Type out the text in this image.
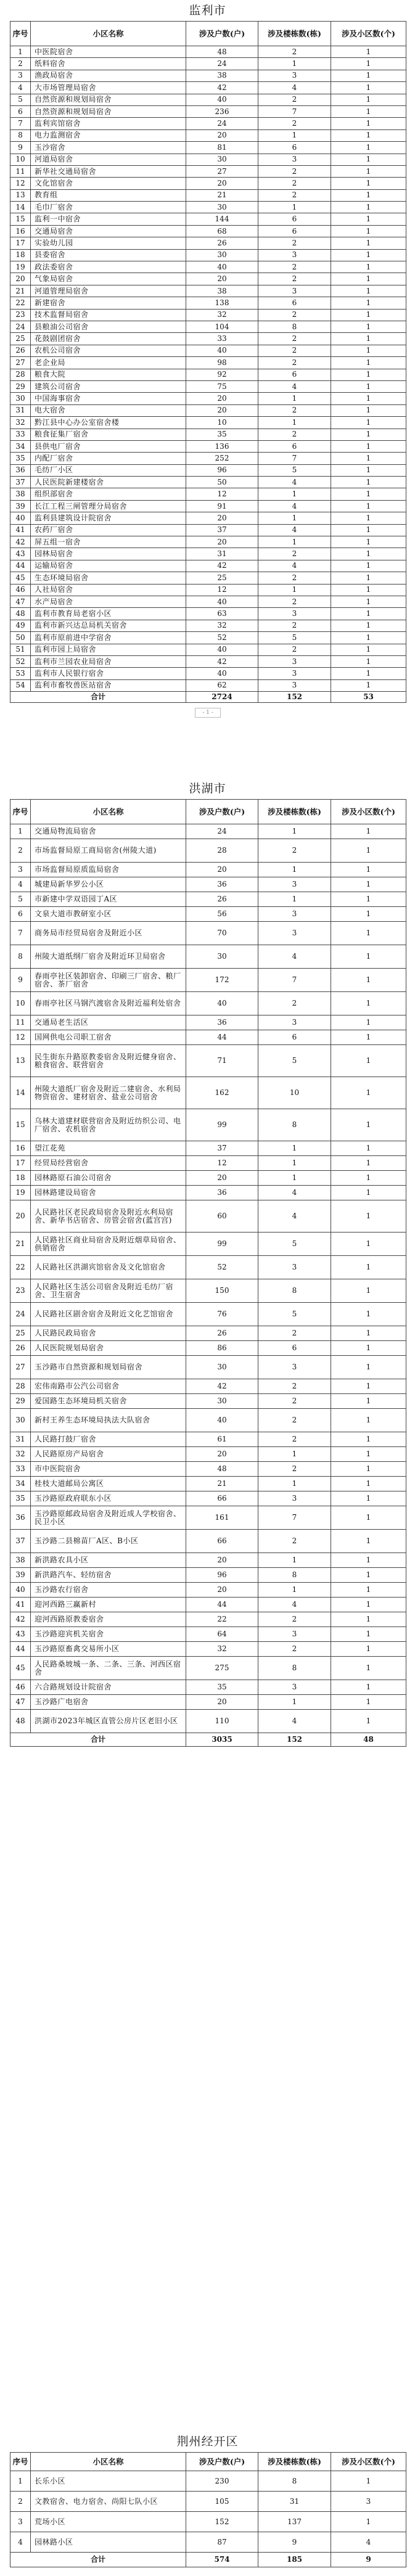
监利市
序号	小区名称	涉及户数(户)	涉及楼栋数(栋)	涉及小区数(个)
1	中医院宿舍	48	2	1
2	纸料宿舍	24	1	1
3	渔政局宿舍	38	3	1
4	大市场管理局宿舍	42	4	1
5	自然资源和规划局宿舍	40	2	1
6	自然资源和规划局宿舍	236	7	1
7	监利宾馆宿舍	24	2	1
8	电力监测宿舍	20	1	1
9	玉沙宿舍	81	6	1
10	河道局宿舍	30	3	1
11	新华社交通局宿舍	27	2	1
12	文化馆宿舍	20	2	1
13	教育组	21	2	1
14	毛巾厂宿舍	30	1	1
15	监利一中宿舍	144	6	1
16	交通局宿舍	68	6	1
17	实验幼儿园	26	2	1
18	县委宿舍	30	3	1
19	政法委宿舍	40	2	1
20	气象局宿舍	20	2	1
21	河道管理局宿舍	38	3	1
22	新建宿舍	138	6	1
23	技术监督局宿舍	32	2	1
24	县粮油公司宿舍	104	8	1
25	花鼓剧团宿舍	33	2	1
26	农机公司宿舍	40	2	1
27	老企业局	98	2	1
28	粮食大院	92	6	1
29	建筑公司宿舍	75	4	1
30	中国海事宿舍	20	1	1
31	电大宿舍	20	2	1
32	黔江县中心办公室宿舍楼	10	1	1
33	粮食征集厂宿舍	35	2	1
34	县供电厂宿舍	136	6	1
35	内配厂宿舍	252	7	1
36	毛纺厂小区	96	5	1
37	人民医院新建楼宿舍	50	4	1
38	组织部宿舍	12	1	1
39	长江工程三闸管理分局宿舍	91	4	1
40	监利县建筑设计院宿舍	20	1	1
41	农药厂宿舍	37	4	1
42	屏五组一宿舍	20	1	1
43	园林局宿舍	31	2	1
44	运输局宿舍	42	4	1
45	生态环境局宿舍	25	2	1
46	人社局宿舍	12	1	1
47	水产局宿舍	40	2	1
48	监利市教育局老宿小区	63	3	1
49	监利市新兴达总局机关宿舍	32	2	1
50	监利市原前进中学宿舍	52	5	1
51	监利市园上局宿舍	40	2	1
52	监利市兰园农业局宿舍	42	3	1
53	监利市人民银行宿舍	40	3	1
54	监利市畜牧兽医站宿舍	62	3	1
合计		2724	152	53
- 1 -
洪湖市
序号	小区名称	涉及户数(户)	涉及楼栋数(栋)	涉及小区数(个)
1	交通局物流局宿舍	24	1	1
2	市场监督局原工商局宿舍(州陵大道)	28	2	1
3	市场监督局原质监局宿舍	20	1	1
4	城建局新华罗公小区	36	3	1
5	市新建中学双语园丁A区	26	1	1
6	文泉大道市教研室小区	56	3	1
7	商务局市经贸局宿舍及附近小区	70	3	1
8	州陵大道纸纲厂宿舍及附近环卫局宿舍	30	4	1
9	春雨亭社区装卸宿舍、印刷三厂宿舍、粮厂宿舍、茶厂宿舍	172	7	1
10	春雨亭社区马钢汽渡宿舍及附近福利处宿舍	40	2	1
11	交通局老生活区	36	3	1
12	国网供电公司职工宿舍	44	6	1
13	民生街东升路原教委宿舍及附近健身宿舍、粮食宿舍、联营宿舍	71	5	1
14	州陵大道纸厂宿舍及附近二建宿舍、水利局物资宿舍、建材宿舍、盐业公司宿舍	162	10	1
15	乌林大道建材联营宿舍及附近纺织公司、电厂宿舍、农机宿舍	99	8	1
16	望江花苑	37	1	1
17	经贸局经营宿舍	12	1	1
18	园林路原石油公司宿舍	20	1	1
19	园林路建设局宿舍	36	4	1
20	人民路社区老民政局宿舍及附近水利局宿舍、新华书店宿舍、房管会宿舍(蓝宫宫)	60	4	1
21	人民路社区商业局宿舍及附近烟草局宿舍、供销宿舍	99	5	1
22	人民路社区洪湖宾馆宿舍及文化馆宿舍	52	3	1
23	人民路社区生活公司宿舍及附近毛纺厂宿舍、卫生宿舍	150	8	1
24	人民路社区剧舍宿舍及附近文化艺馆宿舍	76	5	1
25	人民路民政局宿舍	26	2	1
26	人民医院规划局宿舍	86	6	1
27	玉沙路市自然资源和规划局宿舍	30	3	1
28	宏伟南路市公汽公司宿舍	42	2	1
29	爱国路生态环境局机关宿舍	30	2	1
30	新村王养生态环境局执法大队宿舍	40	2	1
31	人民路打鼓厂宿舍	61	2	1
32	人民路原房产局宿舍	20	1	1
33	市中医院宿舍	48	2	1
34	桂枝大道邮局公寓区	21	1	1
35	玉沙路原政府联东小区	66	3	1
36	玉沙路原邮政局宿舍及附近成人学校宿舍、民卫小区	161	7	1
37	玉沙路二县棉苗厂A区、B小区	66	2	1
38	新洪路农具小区	20	1	1
39	新洪路汽车、轻纺宿舍	96	8	1
40	玉沙路农行宿舍	20	1	1
41	迎河西路三赢新村	44	4	1
42	迎河西路原教委宿舍	22	2	1
43	玉沙路迎宾机关宿舍	64	3	1
44	玉沙路原畜禽交易所小区	32	2	1
45	人民路桑坡城一条、二条、三条、河西区宿舍	275	8	1
46	六合路规划设计院宿舍	35	3	1
47	玉沙路广电宿舍	20	1	1
48	洪湖市2023年城区直管公房片区老旧小区	110	4	1
合计		3035	152	48
荆州经开区
序号	小区名称	涉及户数(户)	涉及楼栋数(栋)	涉及小区数(个)
1	长乐小区	230	8	1
2	文教宿舍、电力宿舍、尚阳七队小区	105	31	3
3	荒场小区	152	137	1
4	园林路小区	87	9	4
合计		574	185	9
